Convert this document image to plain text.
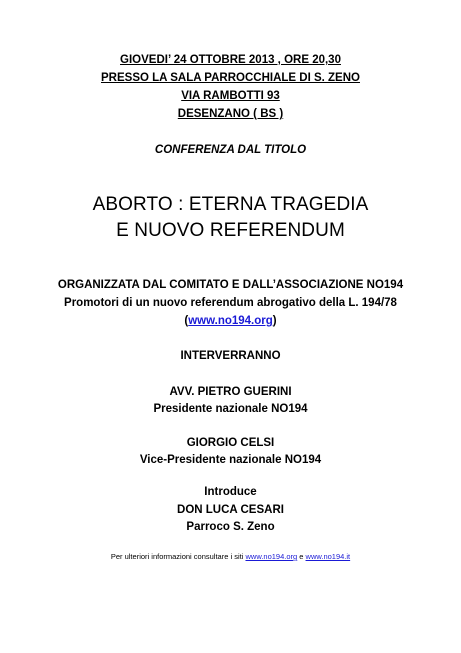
GIOVEDI’ 24 OTTOBRE 2013 , ORE 20,30
PRESSO LA SALA PARROCCHIALE DI S. ZENO
VIA RAMBOTTI 93
DESENZANO ( BS )
CONFERENZA DAL TITOLO
ABORTO : ETERNA TRAGEDIA
E NUOVO REFERENDUM
ORGANIZZATA DAL COMITATO E DALL’ASSOCIAZIONE NO194
Promotori di un nuovo referendum abrogativo della L. 194/78
(www.no194.org)
INTERVERRANNO
AVV. PIETRO GUERINI
Presidente nazionale NO194
GIORGIO CELSI
Vice-Presidente nazionale NO194
Introduce
DON LUCA CESARI
Parroco S. Zeno
Per ulteriori informazioni consultare i siti www.no194.org e www.no194.it
